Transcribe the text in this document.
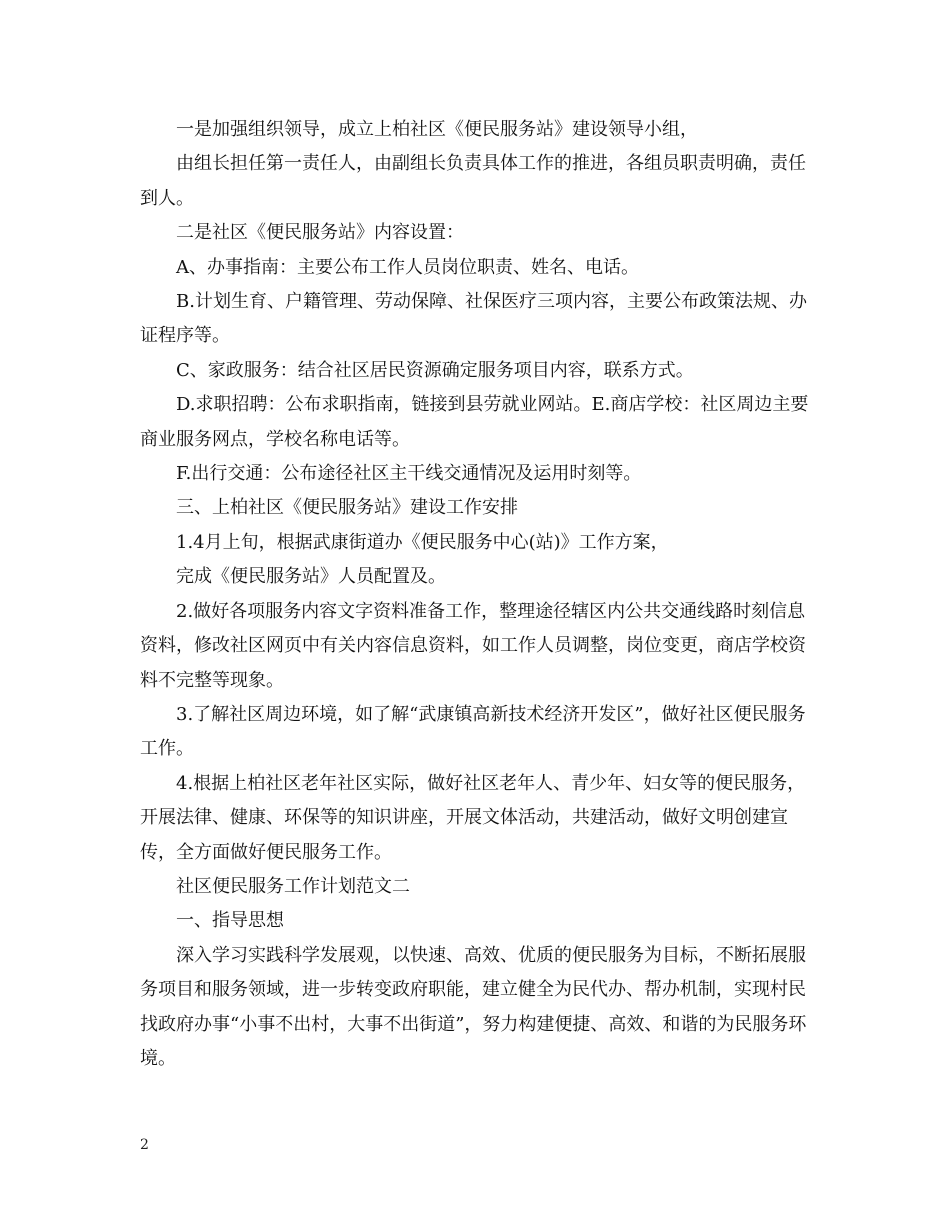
一是加强组织领导，成立上柏社区《便民服务站》建设领导小组，

由组长担任第一责任人，由副组长负责具体工作的推进，各组员职责明确，责任到人。

二是社区《便民服务站》内容设置：

A、办事指南：主要公布工作人员岗位职责、姓名、电话。

B.计划生育、户籍管理、劳动保障、社保医疗三项内容，主要公布政策法规、办证程序等。

C、家政服务：结合社区居民资源确定服务项目内容，联系方式。

D.求职招聘：公布求职指南，链接到县劳就业网站。E.商店学校：社区周边主要商业服务网点，学校名称电话等。

F.出行交通：公布途径社区主干线交通情况及运用时刻等。

三、上柏社区《便民服务站》建设工作安排

1.4月上旬，根据武康街道办《便民服务中心(站)》工作方案，

完成《便民服务站》人员配置及。

2.做好各项服务内容文字资料准备工作，整理途径辖区内公共交通线路时刻信息资料，修改社区网页中有关内容信息资料，如工作人员调整，岗位变更，商店学校资料不完整等现象。

3.了解社区周边环境，如了解“武康镇高新技术经济开发区”，做好社区便民服务工作。

4.根据上柏社区老年社区实际，做好社区老年人、青少年、妇女等的便民服务，开展法律、健康、环保等的知识讲座，开展文体活动，共建活动，做好文明创建宣传，全方面做好便民服务工作。

社区便民服务工作计划范文二

一、指导思想

深入学习实践科学发展观，以快速、高效、优质的便民服务为目标，不断拓展服务项目和服务领域，进一步转变政府职能，建立健全为民代办、帮办机制，实现村民找政府办事“小事不出村，大事不出街道”，努力构建便捷、高效、和谐的为民服务环境。

2
